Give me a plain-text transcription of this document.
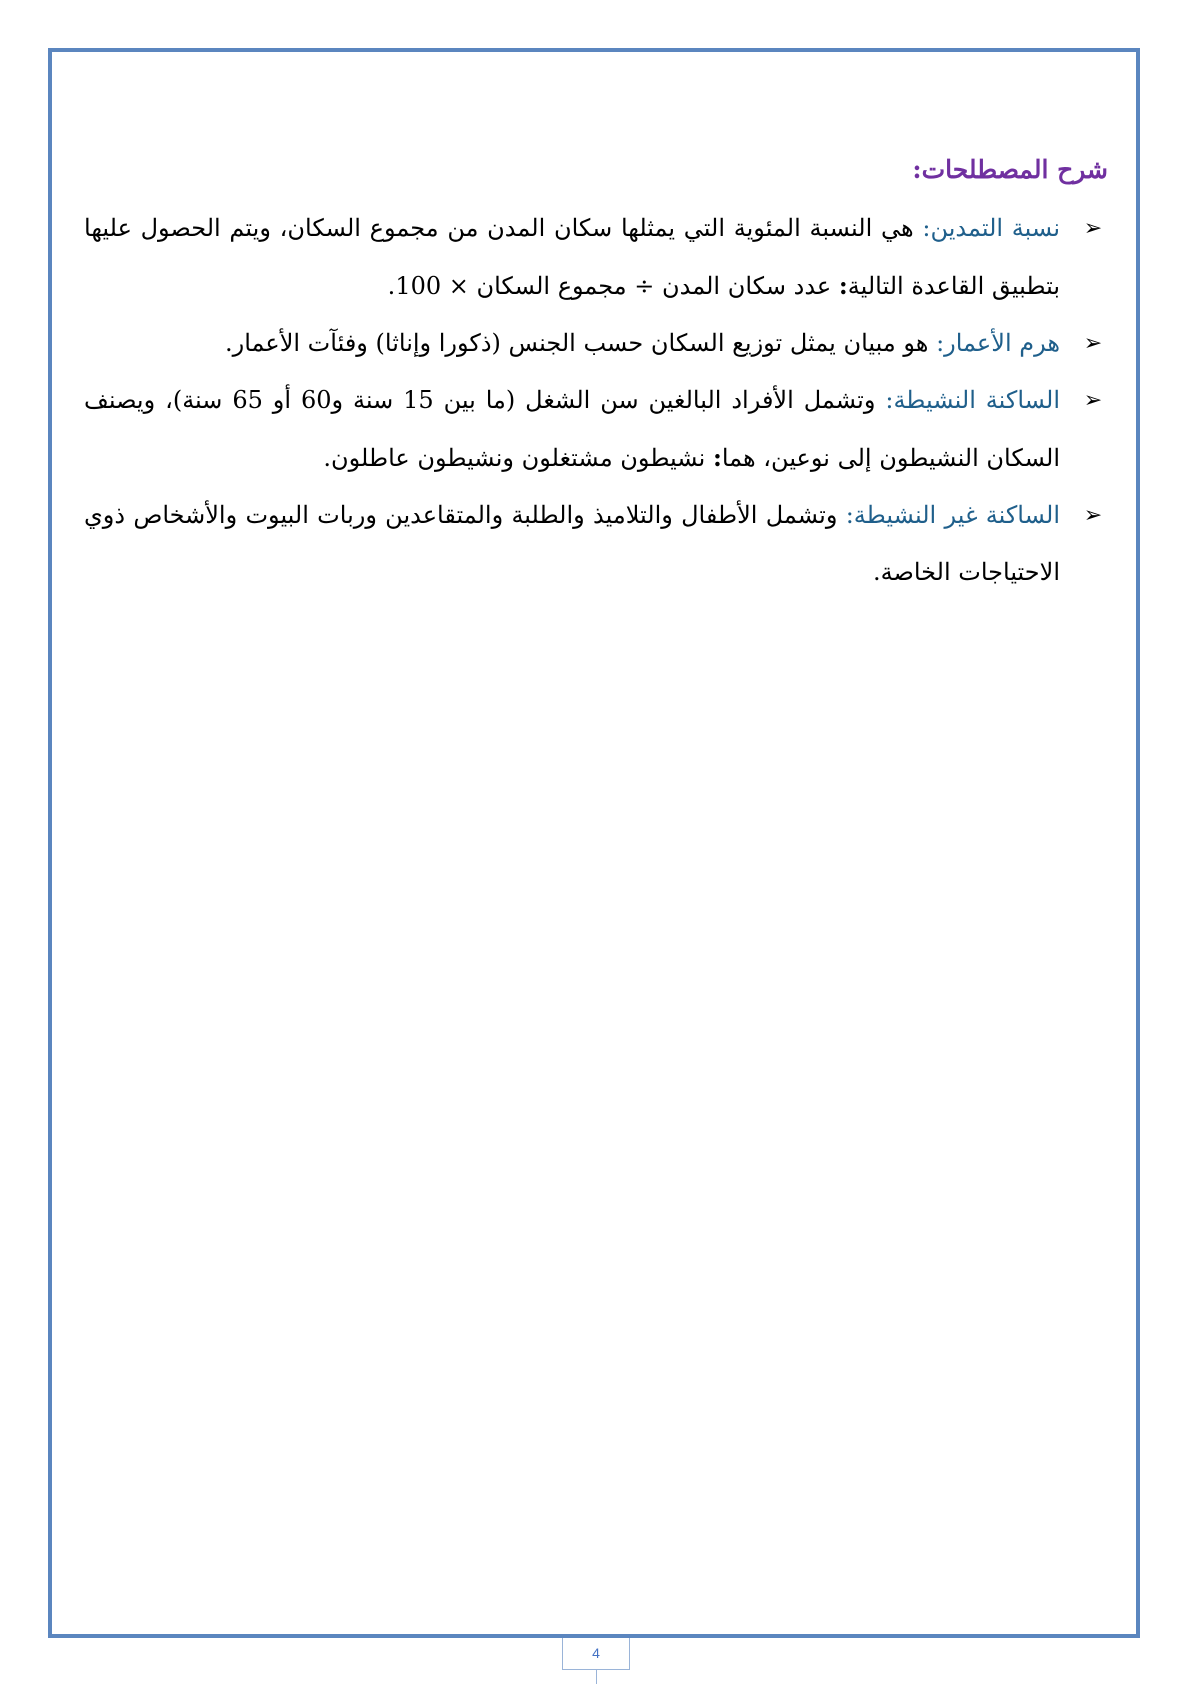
شرح المصطلحات:
➢
نسبة التمدين: هي النسبة المئوية التي يمثلها سكان المدن من مجموع السكان، ويتم الحصول عليها بتطبيق القاعدة التالية: عدد سكان المدن ÷ مجموع السكان × 100.
➢
هرم الأعمار: هو مبيان يمثل توزيع السكان حسب الجنس (ذكورا وإناثا) وفئآت الأعمار.
➢
الساكنة النشيطة: وتشمل الأفراد البالغين سن الشغل (ما بين 15 سنة و60 أو 65 سنة)، ويصنف السكان النشيطون إلى نوعين، هما: نشيطون مشتغلون ونشيطون عاطلون.
➢
الساكنة غير النشيطة: وتشمل الأطفال والتلاميذ والطلبة والمتقاعدين وربات البيوت والأشخاص ذوي الاحتياجات الخاصة.
4
